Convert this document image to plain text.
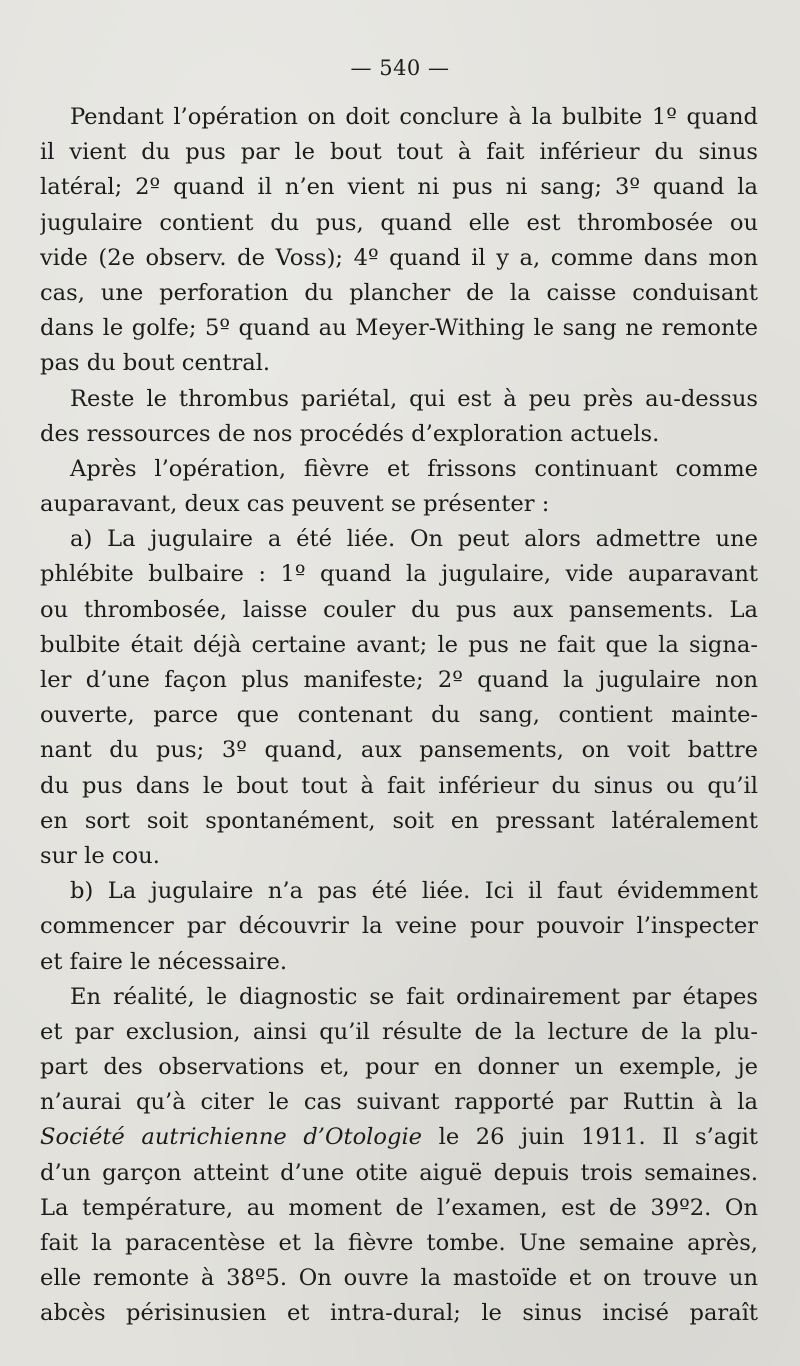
— 540 —
Pendant l’opération on doit conclure à la bulbite 1º quand
il vient du pus par le bout tout à fait inférieur du sinus
latéral; 2º quand il n’en vient ni pus ni sang; 3º quand la
jugulaire contient du pus, quand elle est thrombosée ou
vide (2e observ. de Voss); 4º quand il y a, comme dans mon
cas, une perforation du plancher de la caisse conduisant
dans le golfe; 5º quand au Meyer-Withing le sang ne remonte
pas du bout central.
Reste le thrombus pariétal, qui est à peu près au-dessus
des ressources de nos procédés d’exploration actuels.
Après l’opération, fièvre et frissons continuant comme
auparavant, deux cas peuvent se présenter :
a) La jugulaire a été liée. On peut alors admettre une
phlébite bulbaire : 1º quand la jugulaire, vide auparavant
ou thrombosée, laisse couler du pus aux pansements. La
bulbite était déjà certaine avant; le pus ne fait que la signa-
ler d’une façon plus manifeste; 2º quand la jugulaire non
ouverte, parce que contenant du sang, contient mainte-
nant du pus; 3º quand, aux pansements, on voit battre
du pus dans le bout tout à fait inférieur du sinus ou qu’il
en sort soit spontanément, soit en pressant latéralement
sur le cou.
b) La jugulaire n’a pas été liée. Ici il faut évidemment
commencer par découvrir la veine pour pouvoir l’inspecter
et faire le nécessaire.
En réalité, le diagnostic se fait ordinairement par étapes
et par exclusion, ainsi qu’il résulte de la lecture de la plu-
part des observations et, pour en donner un exemple, je
n’aurai qu’à citer le cas suivant rapporté par Ruttin à la
Société autrichienne d’Otologie le 26 juin 1911. Il s’agit
d’un garçon atteint d’une otite aiguë depuis trois semaines.
La température, au moment de l’examen, est de 39º2. On
fait la paracentèse et la fièvre tombe. Une semaine après,
elle remonte à 38º5. On ouvre la mastoïde et on trouve un
abcès périsinusien et intra-dural; le sinus incisé paraît
